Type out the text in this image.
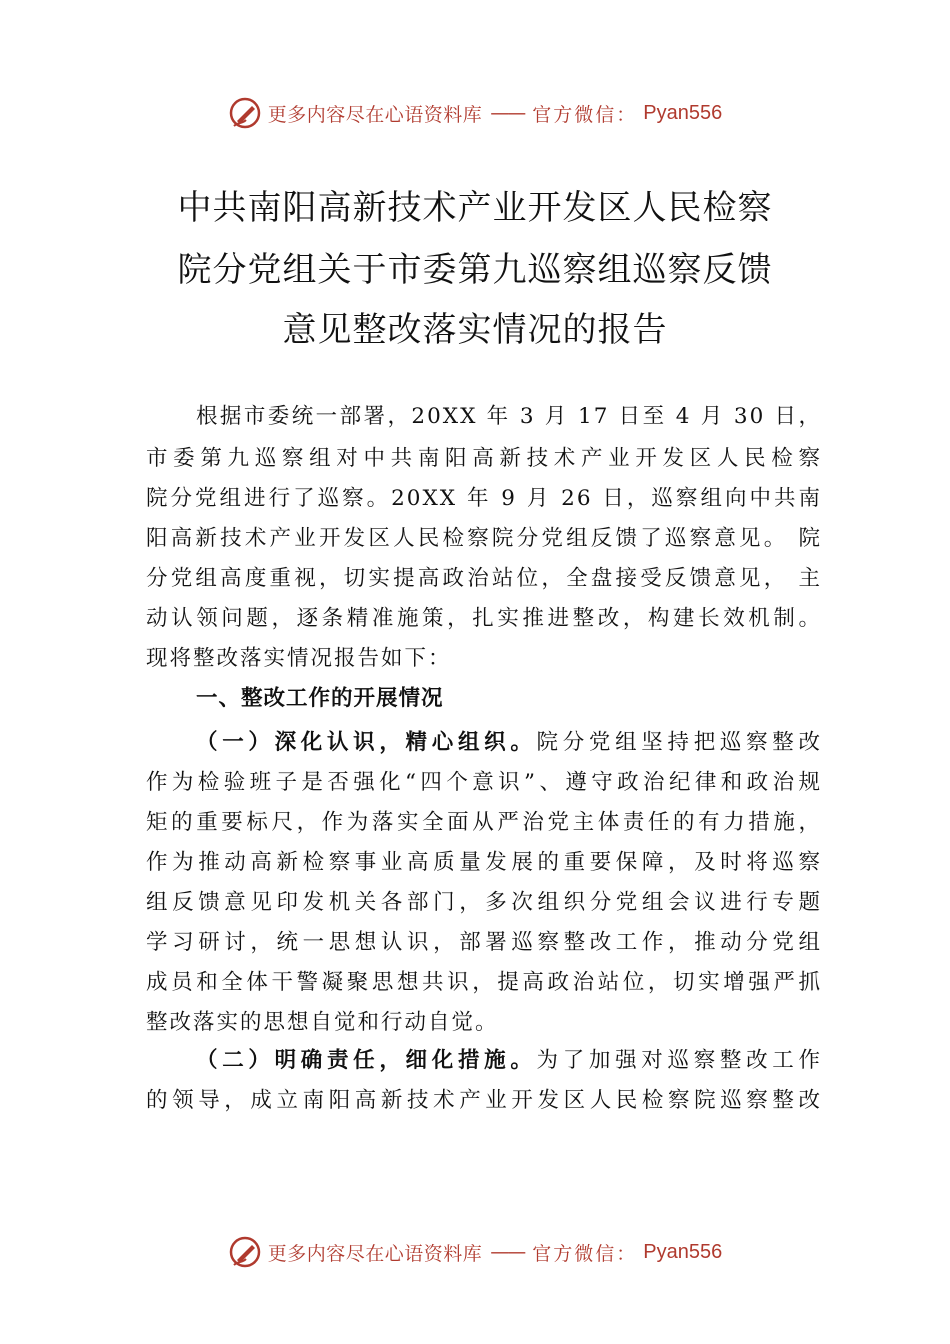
更多内容尽在心语资料库 —— 官方微信： Pyan556
中共南阳高新技术产业开发区人民检察
院分党组关于市委第九巡察组巡察反馈
意见整改落实情况的报告
根据市委统一部署，20XX 年 3 月 17 日至 4 月 30 日，
市委第九巡察组对中共南阳高新技术产业开发区人民检察
院分党组进行了巡察。20XX 年 9 月 26 日，巡察组向中共南
阳高新技术产业开发区人民检察院分党组反馈了巡察意见。 院
分党组高度重视，切实提高政治站位，全盘接受反馈意见， 主
动认领问题，逐条精准施策，扎实推进整改，构建长效机制。
现将整改落实情况报告如下：
一、整改工作的开展情况
（一）深化认识，精心组织。院分党组坚持把巡察整改
作为检验班子是否强化“四个意识”、遵守政治纪律和政治规
矩的重要标尺，作为落实全面从严治党主体责任的有力措施，
作为推动高新检察事业高质量发展的重要保障，及时将巡察
组反馈意见印发机关各部门，多次组织分党组会议进行专题
学习研讨，统一思想认识，部署巡察整改工作，推动分党组
成员和全体干警凝聚思想共识，提高政治站位，切实增强严抓
整改落实的思想自觉和行动自觉。
（二）明确责任，细化措施。为了加强对巡察整改工作
的领导，成立南阳高新技术产业开发区人民检察院巡察整改
更多内容尽在心语资料库 —— 官方微信： Pyan556
